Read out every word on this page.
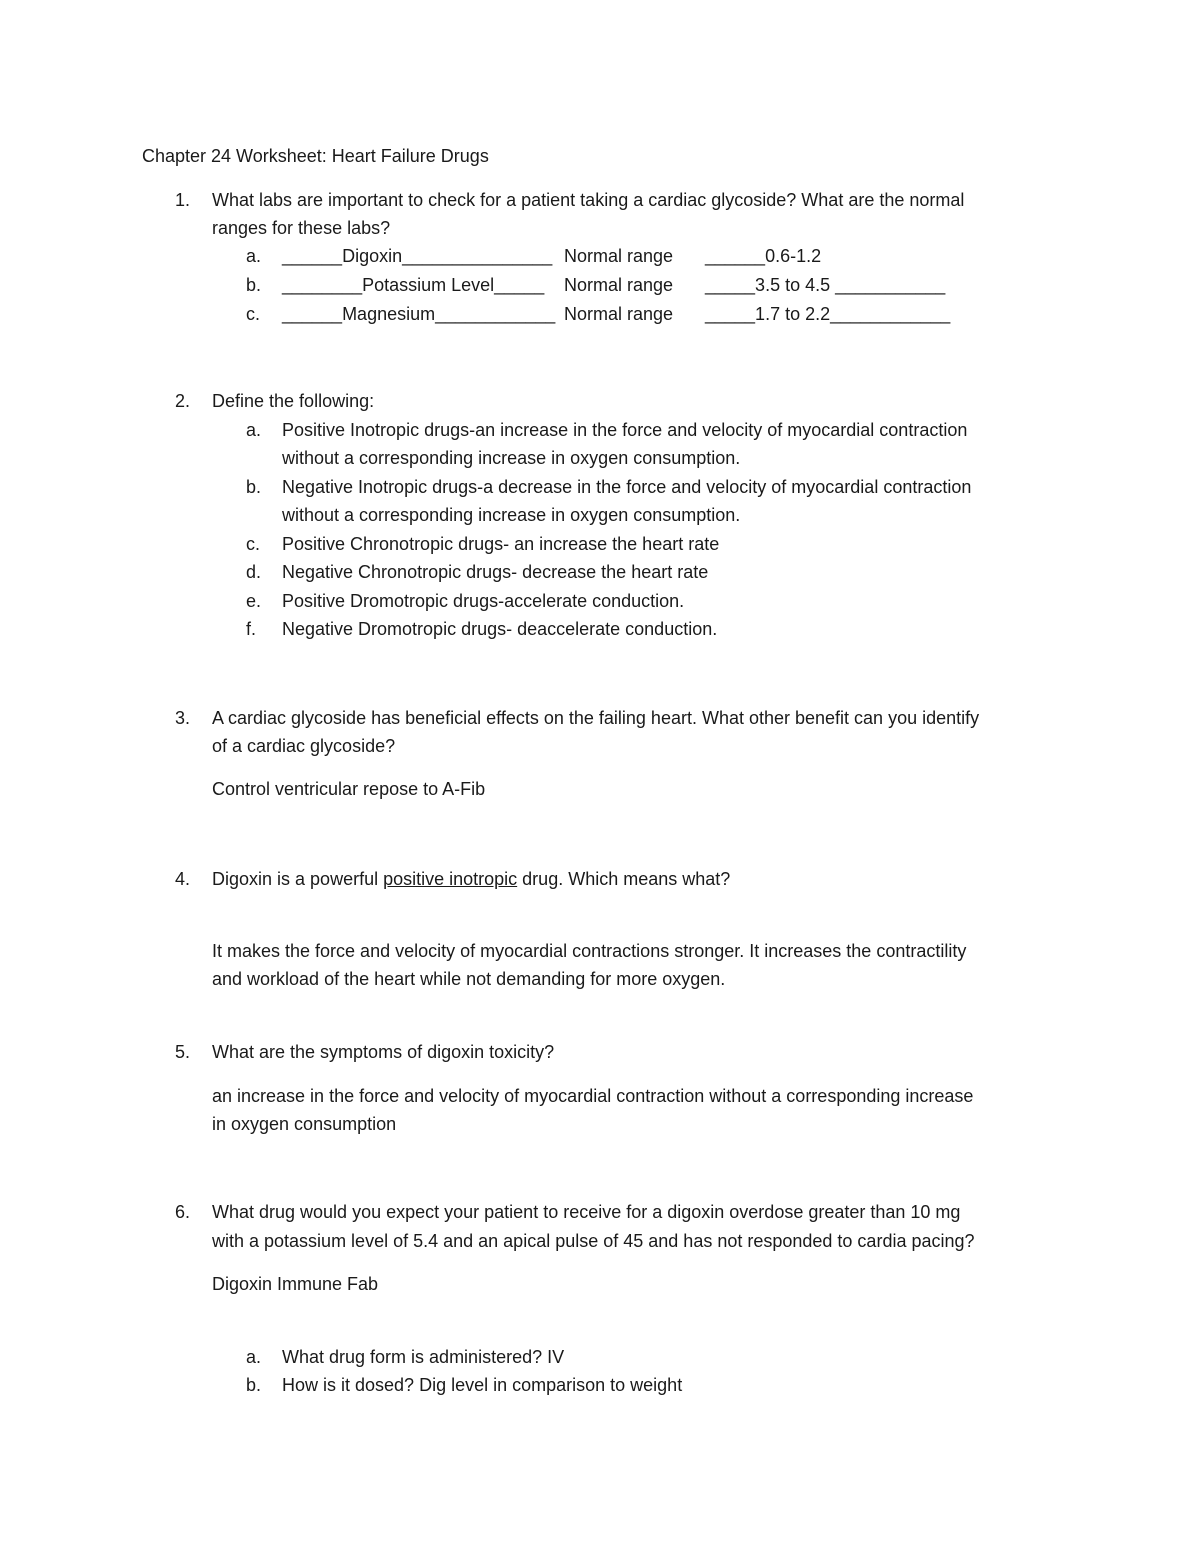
Chapter 24 Worksheet: Heart Failure Drugs
1.	What labs are important to check for a patient taking a cardiac glycoside? What are the normal
ranges for these labs?
a. ______Digoxin_______________ Normal range ______0.6-1.2
b. ________Potassium Level_____ Normal range _____3.5 to 4.5 ___________
c. ______Magnesium____________ Normal range _____1.7 to 2.2____________
2.	Define the following:
a. Positive Inotropic drugs-an increase in the force and velocity of myocardial contraction
without a corresponding increase in oxygen consumption.
b. Negative Inotropic drugs-a decrease in the force and velocity of myocardial contraction
without a corresponding increase in oxygen consumption.
c. Positive Chronotropic drugs- an increase the heart rate
d. Negative Chronotropic drugs- decrease the heart rate
e. Positive Dromotropic drugs-accelerate conduction.
f. Negative Dromotropic drugs- deaccelerate conduction.
3.	A cardiac glycoside has beneficial effects on the failing heart. What other benefit can you identify
of a cardiac glycoside?
Control ventricular repose to A-Fib
4.	Digoxin is a powerful positive inotropic drug. Which means what?
It makes the force and velocity of myocardial contractions stronger. It increases the contractility
and workload of the heart while not demanding for more oxygen.
5.	What are the symptoms of digoxin toxicity?
an increase in the force and velocity of myocardial contraction without a corresponding increase
in oxygen consumption
6.	What drug would you expect your patient to receive for a digoxin overdose greater than 10 mg
with a potassium level of 5.4 and an apical pulse of 45 and has not responded to cardia pacing?
Digoxin Immune Fab
a. What drug form is administered? IV
b. How is it dosed? Dig level in comparison to weight
